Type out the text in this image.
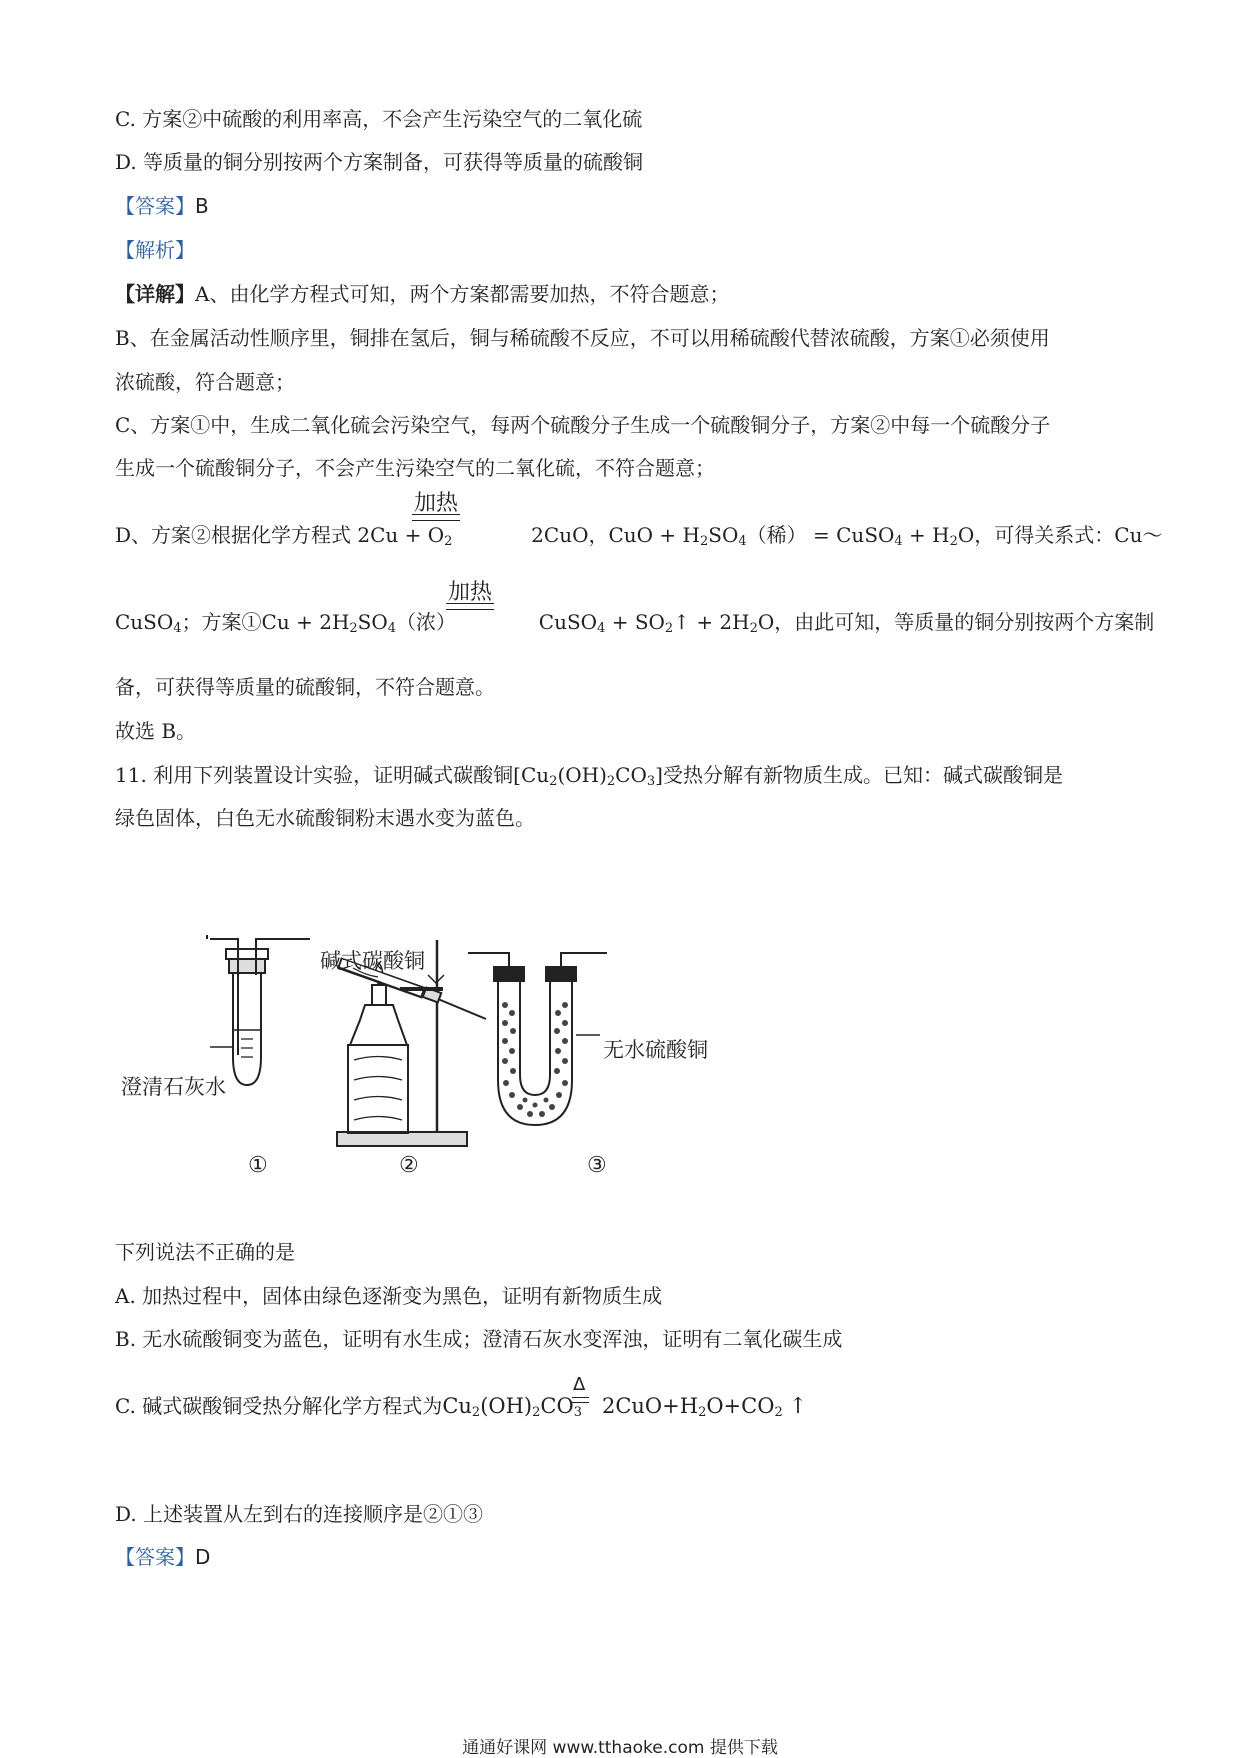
C. 方案②中硫酸的利用率高，不会产生污染空气的二氧化硫
D. 等质量的铜分别按两个方案制备，可获得等质量的硫酸铜
【答案】B
【解析】
【详解】A、由化学方程式可知，两个方案都需要加热，不符合题意；
B、在金属活动性顺序里，铜排在氢后，铜与稀硫酸不反应，不可以用稀硫酸代替浓硫酸，方案①必须使用
浓硫酸，符合题意；
C、方案①中，生成二氧化硫会污染空气，每两个硫酸分子生成一个硫酸铜分子，方案②中每一个硫酸分子
生成一个硫酸铜分子，不会产生污染空气的二氧化硫，不符合题意；
D、方案②根据化学方程式 $2Cu + O_2$	2CuO，CuO + $H_2SO_4$（稀） = CuSO$_4$ + $H_2O$，可得关系式：Cu～
加热
CuSO$_4$；方案①Cu + $2H_2SO_4$（浓）	CuSO$_4$ + $SO_2↑ + 2H_2O$，由此可知，等质量的铜分别按两个方案制
加热
备，可获得等质量的硫酸铜，不符合题意。
故选 B。
11. 利用下列装置设计实验，证明碱式碳酸铜$[Cu_2(OH)_2CO_3]$受热分解有新物质生成。已知：碱式碳酸铜是
绿色固体，白色无水硫酸铜粉末遇水变为蓝色。
澄清石灰水
碱式碳酸铜
无水硫酸铜
①	②	③
下列说法不正确的是
A. 加热过程中，固体由绿色逐渐变为黑色，证明有新物质生成
B. 无水硫酸铜变为蓝色，证明有水生成；澄清石灰水变浑浊，证明有二氧化碳生成
C. 碱式碳酸铜受热分解化学方程式为$Cu_2(OH)_2CO_3$ $2CuO+H_2O+CO_2$ ↑
Δ
D. 上述装置从左到右的连接顺序是②①③
【答案】D
通通好课网 www.tthaoke.com 提供下载
